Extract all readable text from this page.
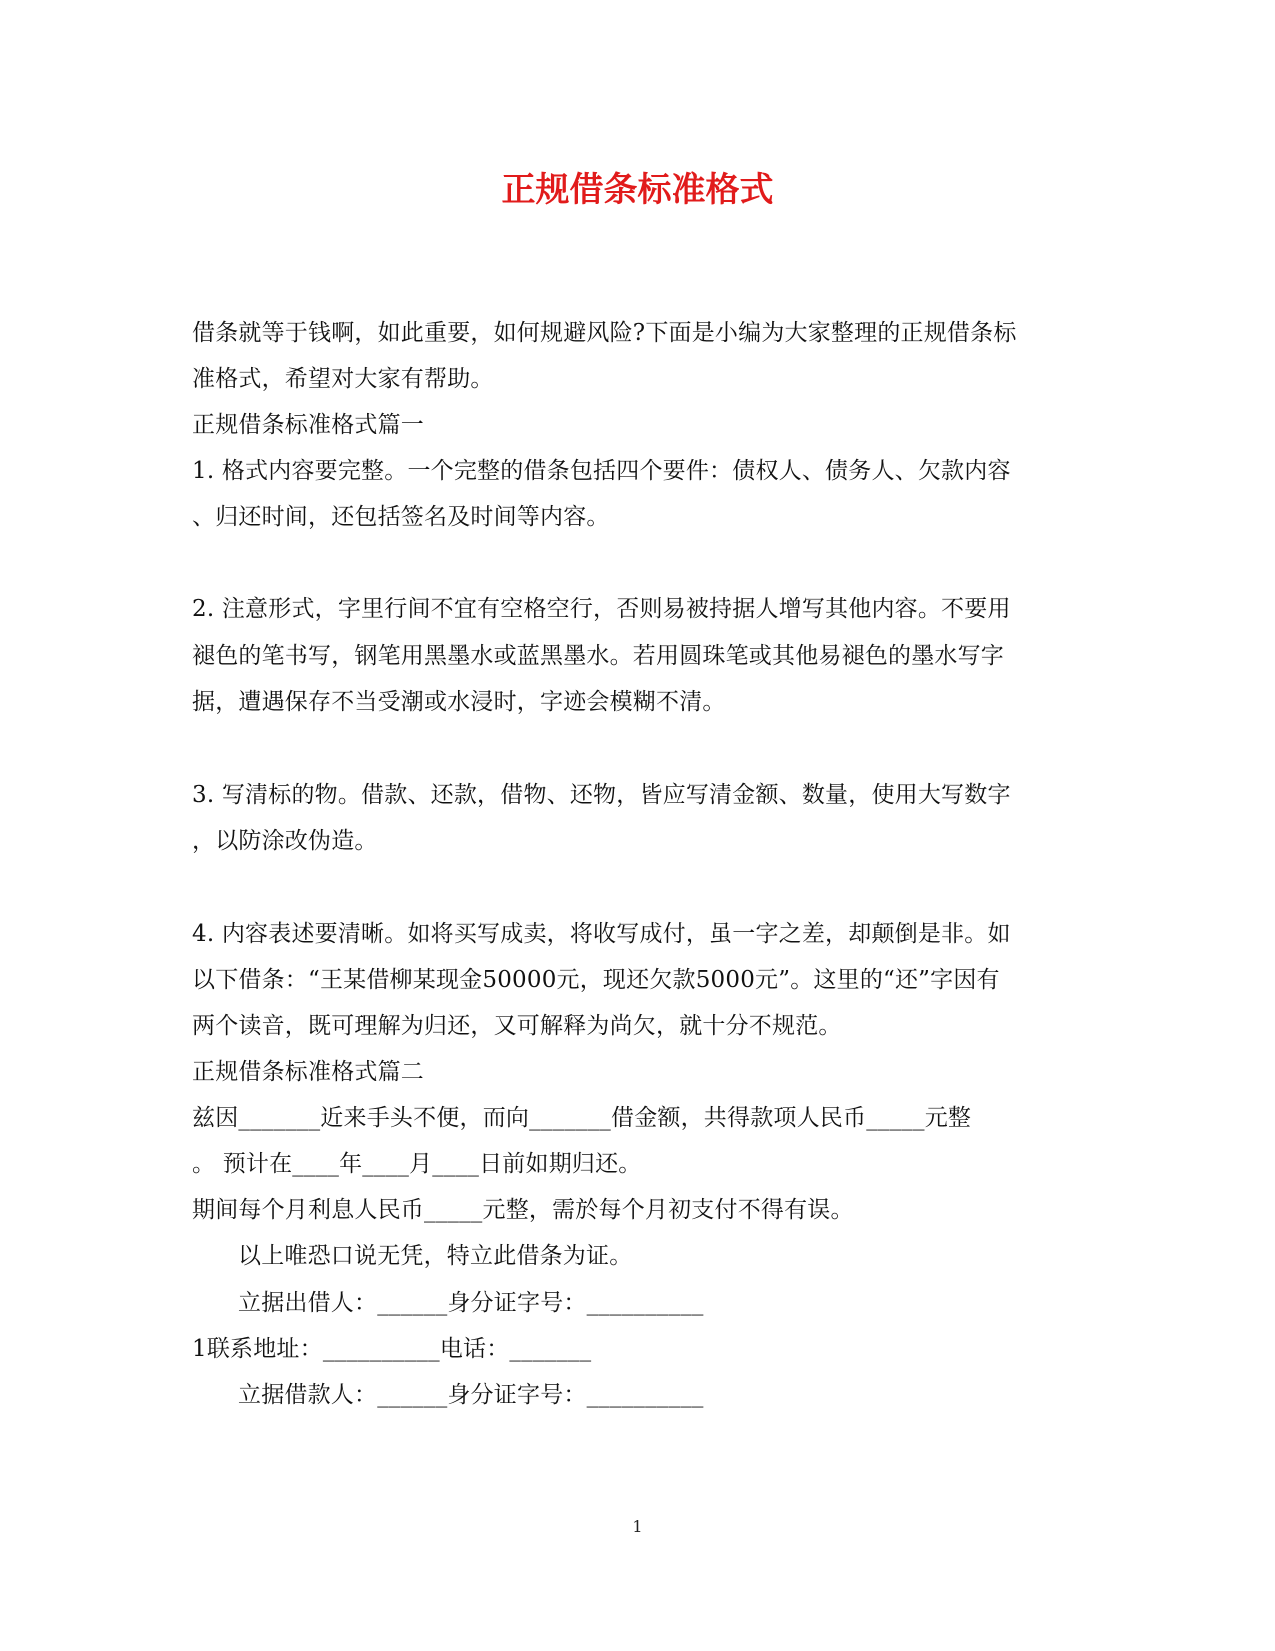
正规借条标准格式
借条就等于钱啊，如此重要，如何规避风险?下面是小编为大家整理的正规借条标
准格式，希望对大家有帮助。
正规借条标准格式篇一
1. 格式内容要完整。一个完整的借条包括四个要件：债权人、债务人、欠款内容
、归还时间，还包括签名及时间等内容。
2. 注意形式，字里行间不宜有空格空行，否则易被持据人增写其他内容。不要用
褪色的笔书写，钢笔用黑墨水或蓝黑墨水。若用圆珠笔或其他易褪色的墨水写字
据，遭遇保存不当受潮或水浸时，字迹会模糊不清。
3. 写清标的物。借款、还款，借物、还物，皆应写清金额、数量，使用大写数字
，以防涂改伪造。
4. 内容表述要清晰。如将买写成卖，将收写成付，虽一字之差，却颠倒是非。如
以下借条：“王某借柳某现金50000元，现还欠款5000元”。这里的“还”字因有
两个读音，既可理解为归还，又可解释为尚欠，就十分不规范。
正规借条标准格式篇二
兹因_______近来手头不便，而向_______借金额，共得款项人民币_____元整
。 预计在____年____月____日前如期归还。
期间每个月利息人民币_____元整，需於每个月初支付不得有误。
以上唯恐口说无凭，特立此借条为证。
立据出借人：______身分证字号：__________
1联系地址：__________电话：_______
立据借款人：______身分证字号：__________
1
